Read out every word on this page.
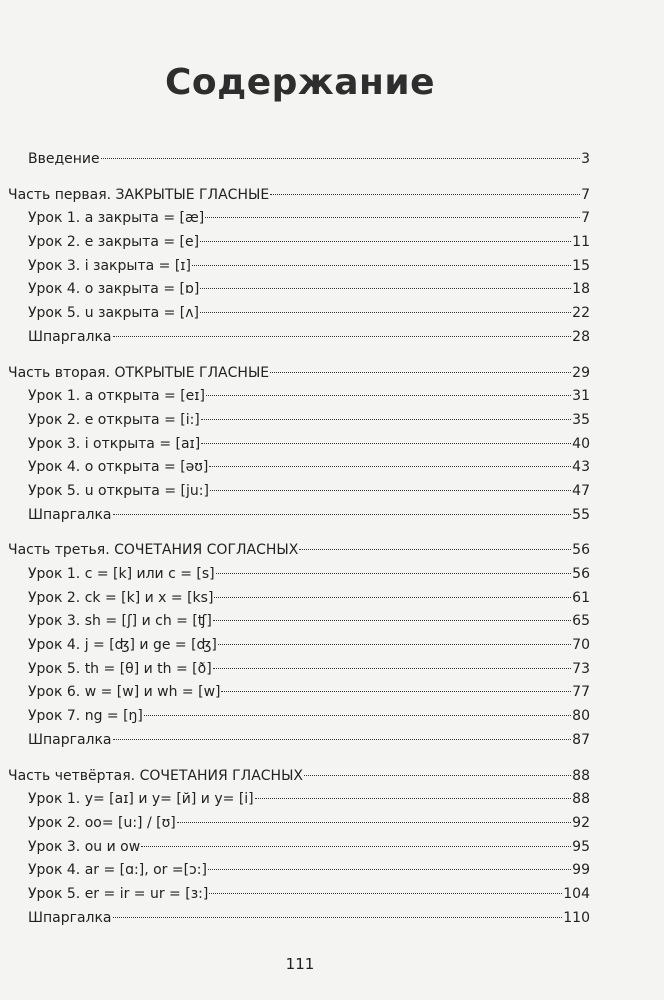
Содержание
Введение	3
Часть первая. ЗАКРЫТЫЕ ГЛАСНЫЕ	7
Урок 1. a закрыта = [æ]	7
Урок 2. e закрыта = [e]	11
Урок 3. i закрыта = [ɪ]	15
Урок 4. o закрыта = [ɒ]	18
Урок 5. u закрыта = [ʌ]	22
Шпаргалка	28
Часть вторая. ОТКРЫТЫЕ ГЛАСНЫЕ	29
Урок 1. a открыта = [eɪ]	31
Урок 2. e открыта = [i:]	35
Урок 3. i открыта = [aɪ]	40
Урок 4. o открыта = [əʊ]	43
Урок 5. u открыта = [ju:]	47
Шпаргалка	55
Часть третья. СОЧЕТАНИЯ СОГЛАСНЫХ	56
Урок 1. c = [k] или c = [s]	56
Урок 2. ck = [k] и x = [ks]	61
Урок 3. sh = [ʃ] и ch = [ʧ]	65
Урок 4. j = [ʤ] и ge = [ʤ]	70
Урок 5. th = [θ] и th = [ð]	73
Урок 6. w = [w] и wh = [w]	77
Урок 7. ng = [ŋ]	80
Шпаргалка	87
Часть четвёртая. СОЧЕТАНИЯ ГЛАСНЫХ	88
Урок 1. y= [aɪ] и y= [й] и y= [i]	88
Урок 2. oo= [u:] / [ʊ]	92
Урок 3. ou и ow	95
Урок 4. ar = [ɑ:], or =[ɔ:]	99
Урок 5. er = ir = ur = [ɜ:]	104
Шпаргалка	110
111
